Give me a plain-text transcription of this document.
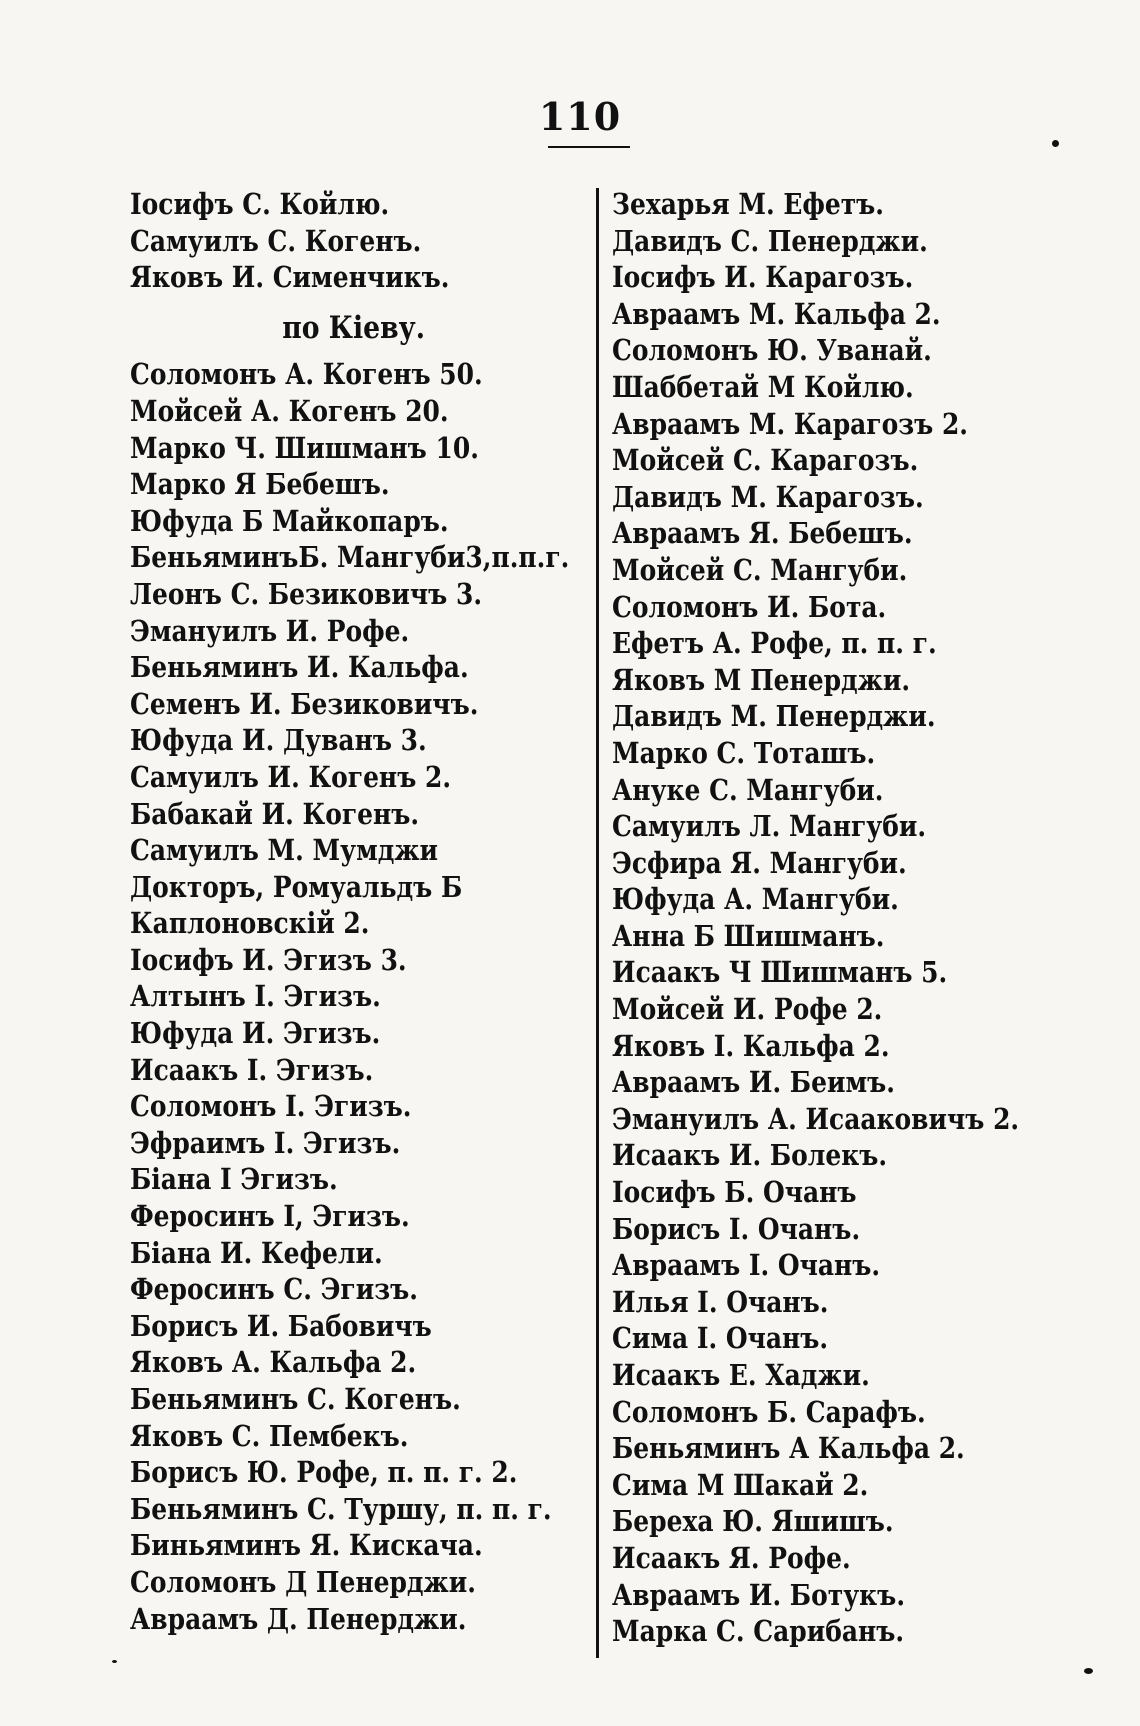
110
Іосифъ С. Койлю.
Самуилъ С. Когенъ.
Яковъ И. Сименчикъ.
по Кіеву.
Соломонъ А. Когенъ 50.
Мойсей А. Когенъ 20.
Марко Ч. Шишманъ 10.
Марко Я Бебешъ.
Юфуда Б Майкопаръ.
БеньяминъБ. Мангуби3,п.п.г.
Леонъ С. Безиковичъ 3.
Эмануилъ И. Рофе.
Беньяминъ И. Кальфа.
Семенъ И. Безиковичъ.
Юфуда И. Дуванъ 3.
Самуилъ И. Когенъ 2.
Бабакай И. Когенъ.
Самуилъ М. Мумджи
Докторъ, Ромуальдъ Б Каплоновскій 2.
Іосифъ И. Эгизъ 3.
Алтынъ І. Эгизъ.
Юфуда И. Эгизъ.
Исаакъ І. Эгизъ.
Соломонъ І. Эгизъ.
Эфраимъ І. Эгизъ.
Біана І Эгизъ.
Феросинъ І, Эгизъ.
Біана И. Кефели.
Феросинъ С. Эгизъ.
Борисъ И. Бабовичъ
Яковъ А. Кальфа 2.
Беньяминъ С. Когенъ.
Яковъ С. Пембекъ.
Борисъ Ю. Рофе, п. п. г. 2.
Беньяминъ С. Туршу, п. п. г.
Биньяминъ Я. Кискача.
Соломонъ Д Пенерджи.
Авраамъ Д. Пенерджи.
Зехарья М. Ефетъ.
Давидъ С. Пенерджи.
Іосифъ И. Карагозъ.
Авраамъ М. Кальфа 2.
Соломонъ Ю. Уванай.
Шаббетай М Койлю.
Авраамъ М. Карагозъ 2.
Мойсей С. Карагозъ.
Давидъ М. Карагозъ.
Авраамъ Я. Бебешъ.
Мойсей С. Мангуби.
Соломонъ И. Бота.
Ефетъ А. Рофе, п. п. г.
Яковъ М Пенерджи.
Давидъ М. Пенерджи.
Марко С. Тоташъ.
Ануке С. Мангуби.
Самуилъ Л. Мангуби.
Эсфира Я. Мангуби.
Юфуда А. Мангуби.
Анна Б Шишманъ.
Исаакъ Ч Шишманъ 5.
Мойсей И. Рофе 2.
Яковъ І. Кальфа 2.
Авраамъ И. Беимъ.
Эмануилъ А. Исааковичъ 2.
Исаакъ И. Болекъ.
Іосифъ Б. Очанъ
Борисъ І. Очанъ.
Авраамъ І. Очанъ.
Илья І. Очанъ.
Сима І. Очанъ.
Исаакъ Е. Хаджи.
Соломонъ Б. Сарафъ.
Беньяминъ А Кальфа 2.
Сима М Шакай 2.
Береха Ю. Яшишъ.
Исаакъ Я. Рофе.
Авраамъ И. Ботукъ.
Марка С. Сарибанъ.
